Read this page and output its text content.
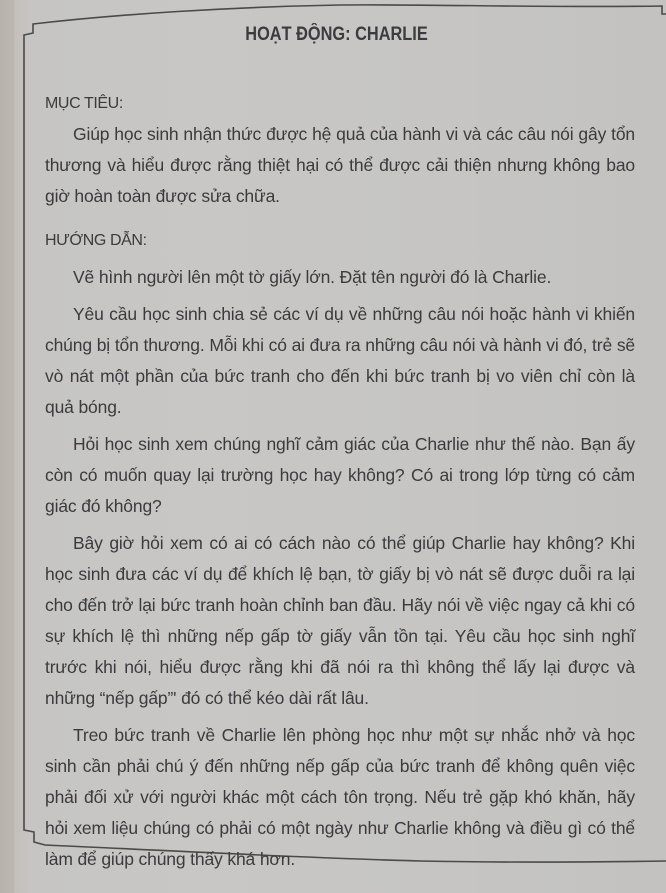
HOẠT ĐỘNG: CHARLIE

MỤC TIÊU:

Giúp học sinh nhận thức được hệ quả của hành vi và các câu nói gây tổn thương và hiểu được rằng thiệt hại có thể được cải thiện nhưng không bao giờ hoàn toàn được sửa chữa.

HƯỚNG DẪN:

Vẽ hình người lên một tờ giấy lớn. Đặt tên người đó là Charlie.

Yêu cầu học sinh chia sẻ các ví dụ về những câu nói hoặc hành vi khiến chúng bị tổn thương. Mỗi khi có ai đưa ra những câu nói và hành vi đó, trẻ sẽ vò nát một phần của bức tranh cho đến khi bức tranh bị vo viên chỉ còn là quả bóng.

Hỏi học sinh xem chúng nghĩ cảm giác của Charlie như thế nào. Bạn ấy còn có muốn quay lại trường học hay không? Có ai trong lớp từng có cảm giác đó không?

Bây giờ hỏi xem có ai có cách nào có thể giúp Charlie hay không? Khi học sinh đưa các ví dụ để khích lệ bạn, tờ giấy bị vò nát sẽ được duỗi ra lại cho đến trở lại bức tranh hoàn chỉnh ban đầu. Hãy nói về việc ngay cả khi có sự khích lệ thì những nếp gấp tờ giấy vẫn tồn tại. Yêu cầu học sinh nghĩ trước khi nói, hiểu được rằng khi đã nói ra thì không thể lấy lại được và những “nếp gấp”' đó có thể kéo dài rất lâu.

Treo bức tranh về Charlie lên phòng học như một sự nhắc nhở và học sinh cần phải chú ý đến những nếp gấp của bức tranh để không quên việc phải đối xử với người khác một cách tôn trọng. Nếu trẻ gặp khó khăn, hãy hỏi xem liệu chúng có phải có một ngày như Charlie không và điều gì có thể làm để giúp chúng thấy khá hơn.
